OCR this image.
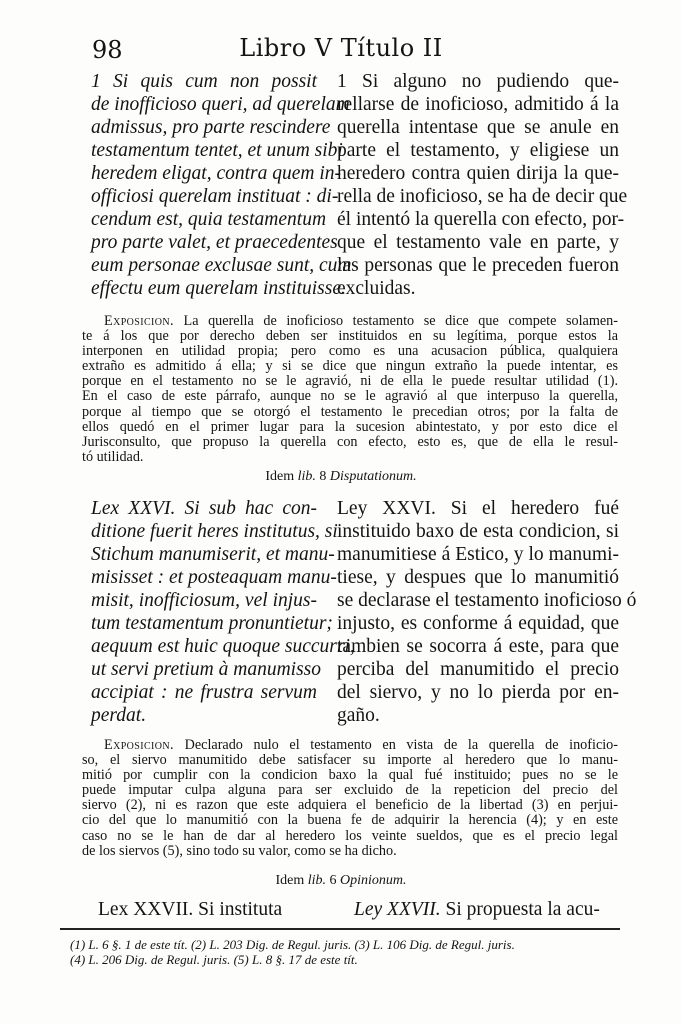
98	Libro V Título II
1 Si quis cum non possit
de inofficioso queri, ad querelam
admissus, pro parte rescindere
testamentum tentet, et unum sibi
heredem eligat, contra quem in-
officiosi querelam instituat : di-
cendum est, quia testamentum
pro parte valet, et praecedentes
eum personae exclusae sunt, cum
effectu eum querelam instituisse.
1 Si alguno no pudiendo que-
rellarse de inoficioso, admitido á la
querella intentase que se anule en
parte el testamento, y eligiese un
heredero contra quien dirija la que-
rella de inoficioso, se ha de decir que
él intentó la querella con efecto, por-
que el testamento vale en parte, y
las personas que le preceden fueron
excluidas.
Exposicion. La querella de inoficioso testamento se dice que compete solamen-
te á los que por derecho deben ser instituidos en su legítima, porque estos la
interponen en utilidad propia; pero como es una acusacion pública, qualquiera
extraño es admitido á ella; y si se dice que ningun extraño la puede intentar, es
porque en el testamento no se le agravió, ni de ella le puede resultar utilidad (1).
En el caso de este párrafo, aunque no se le agravió al que interpuso la querella,
porque al tiempo que se otorgó el testamento le precedian otros; por la falta de
ellos quedó en el primer lugar para la sucesion abintestato, y por esto dice el
Jurisconsulto, que propuso la querella con efecto, esto es, que de ella le resul-
tó utilidad.
Idem lib. 8 Disputationum.
Lex XXVI. Si sub hac con-
ditione fuerit heres institutus, si
Stichum manumiserit, et manu-
misisset : et posteaquam manu-
misit, inofficiosum, vel injus-
tum testamentum pronuntietur;
aequum est huic quoque succurri,
ut servi pretium à manumisso
accipiat : ne frustra servum
perdat.
Ley XXVI. Si el heredero fué
instituido baxo de esta condicion, si
manumitiese á Estico, y lo manumi-
tiese, y despues que lo manumitió
se declarase el testamento inoficioso ó
injusto, es conforme á equidad, que
tambien se socorra á este, para que
perciba del manumitido el precio
del siervo, y no lo pierda por en-
gaño.
Exposicion. Declarado nulo el testamento en vista de la querella de inoficio-
so, el siervo manumitido debe satisfacer su importe al heredero que lo manu-
mitió por cumplir con la condicion baxo la qual fué instituido; pues no se le
puede imputar culpa alguna para ser excluido de la repeticion del precio del
siervo (2), ni es razon que este adquiera el beneficio de la libertad (3) en perjui-
cio del que lo manumitió con la buena fe de adquirir la herencia (4); y en este
caso no se le han de dar al heredero los veinte sueldos, que es el precio legal
de los siervos (5), sino todo su valor, como se ha dicho.
Idem lib. 6 Opinionum.
Lex XXVII. Si instituta	Ley XXVII. Si propuesta la acu-
(1) L. 6 §. 1 de este tít. (2) L. 203 Dig. de Regul. juris. (3) L. 106 Dig. de Regul. juris.
(4) L. 206 Dig. de Regul. juris. (5) L. 8 §. 17 de este tít.
